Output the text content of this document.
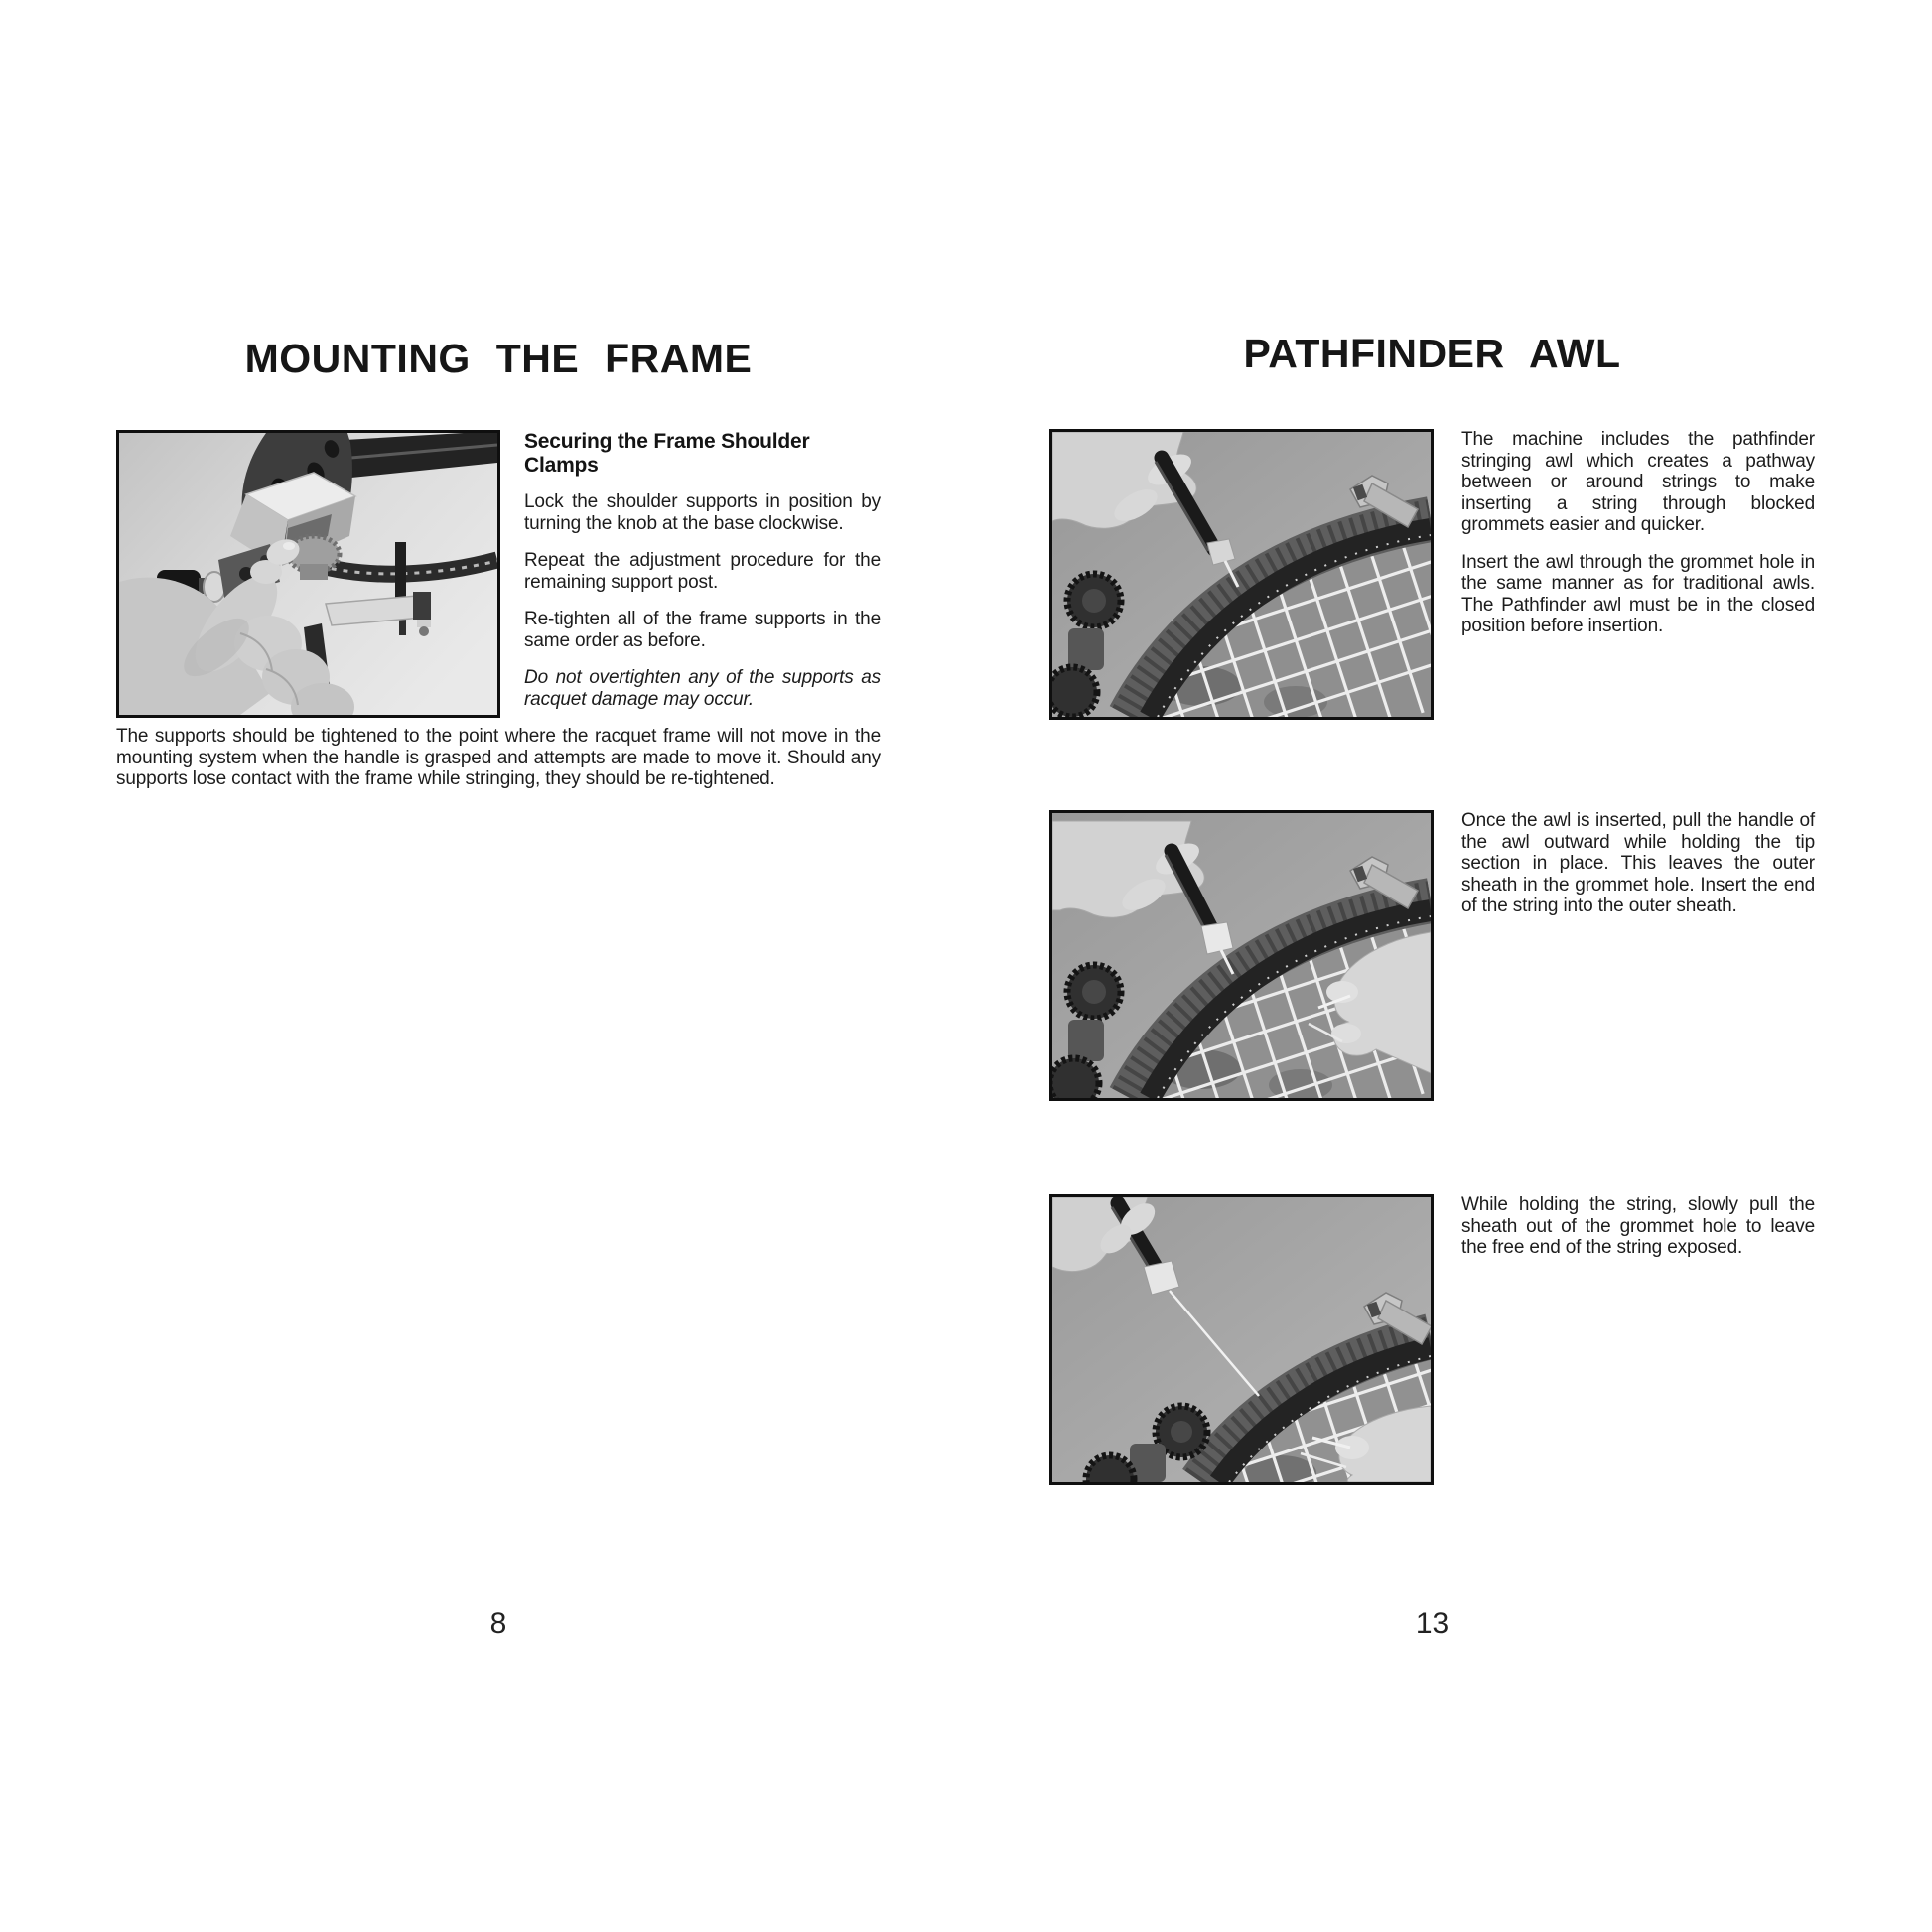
MOUNTING THE FRAME
Securing the Frame Shoulder Clamps

Lock the shoulder supports in position by turning the knob at the base clockwise.

Repeat the adjustment procedure for the remaining support post.

Re-tighten all of the frame supports in the same order as before.

Do not overtighten any of the supports as racquet damage may occur.

The supports should be tightened to the point where the racquet frame will not move in the mounting system when the handle is grasped and attempts are made to move it. Should any supports lose contact with the frame while stringing, they should be re-tightened.

8
PATHFINDER AWL

The machine includes the pathfinder stringing awl which creates a pathway between or around strings to make inserting a string through blocked grommets easier and quicker.

Insert the awl through the grommet hole in the same manner as for traditional awls. The Pathfinder awl must be in the closed position before insertion.

Once the awl is inserted, pull the handle of the awl outward while holding the tip section in place. This leaves the outer sheath in the grommet hole. Insert the end of the string into the outer sheath.

While holding the string, slowly pull the sheath out of the grommet hole to leave the free end of the string exposed.

13
